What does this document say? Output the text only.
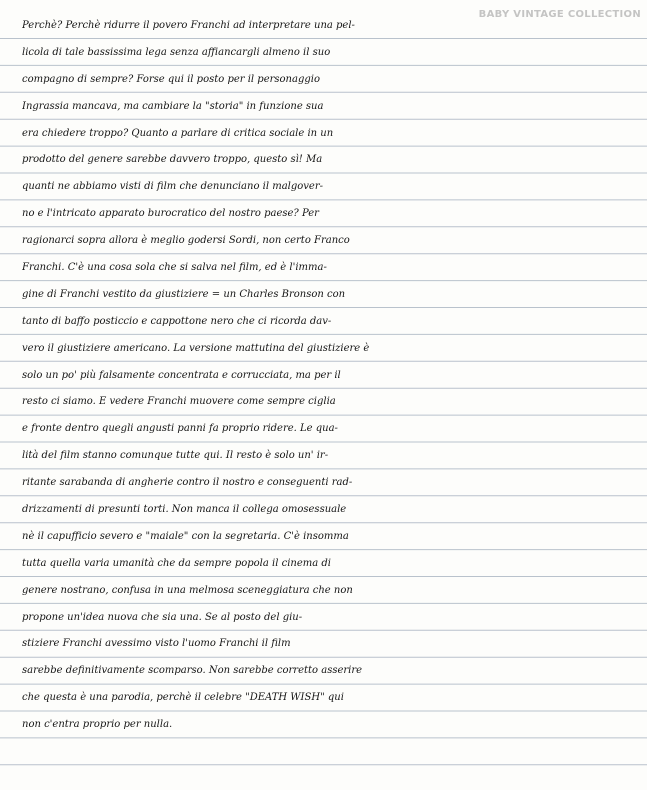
BABY VINTAGE COLLECTION
Perchè? Perchè ridurre il povero Franchi ad interpretare una pel-
licola di tale bassissima lega senza affiancargli almeno il suo
compagno di sempre? Forse qui il posto per il personaggio
Ingrassia mancava, ma cambiare la "storia" in funzione sua
era chiedere troppo? Quanto a parlare di critica sociale in un
prodotto del genere sarebbe davvero troppo, questo sì! Ma
quanti ne abbiamo visti di film che denunciano il malgover-
no e l'intricato apparato burocratico del nostro paese? Per
ragionarci sopra allora è meglio godersi Sordi, non certo Franco
Franchi. C'è una cosa sola che si salva nel film, ed è l'imma-
gine di Franchi vestito da giustiziere = un Charles Bronson con
tanto di baffo posticcio e cappottone nero che ci ricorda dav-
vero il giustiziere americano. La versione mattutina del giustiziere è
solo un po' più falsamente concentrata e corrucciata, ma per il
resto ci siamo. E vedere Franchi muovere come sempre ciglia
e fronte dentro quegli angusti panni fa proprio ridere. Le qua-
lità del film stanno comunque tutte qui. Il resto è solo un' ir-
ritante sarabanda di angherie contro il nostro e conseguenti rad-
drizzamenti di presunti torti. Non manca il collega omosessuale
nè il capufficio severo e "maiale" con la segretaria. C'è insomma
tutta quella varia umanità che da sempre popola il cinema di
genere nostrano, confusa in una melmosa sceneggiatura che non
propone un'idea nuova che sia una. Se al posto del giu-
stiziere Franchi avessimo visto l'uomo Franchi il film
sarebbe definitivamente scomparso. Non sarebbe corretto asserire
che questa è una parodia, perchè il celebre "DEATH WISH" qui
non c'entra proprio per nulla.
